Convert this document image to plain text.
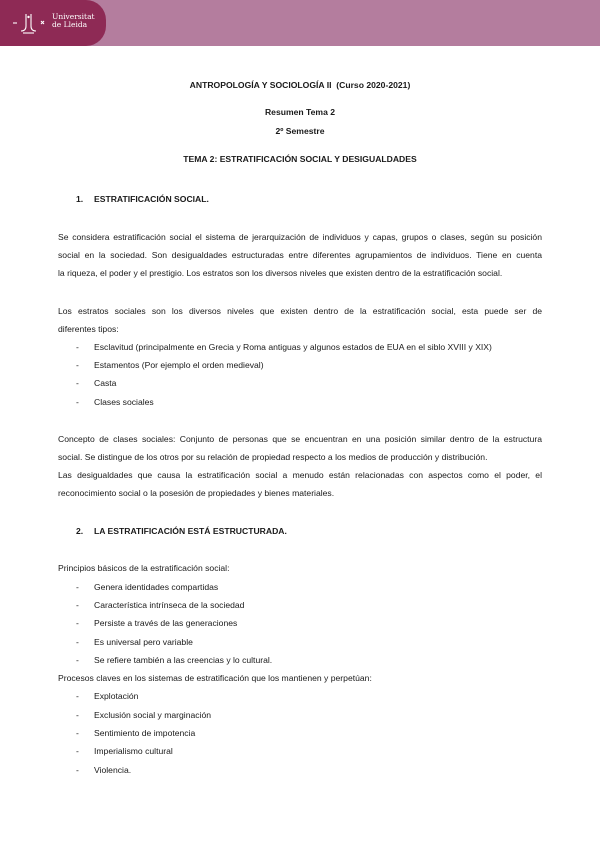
Universitat
de Lleida
ANTROPOLOGÍA Y SOCIOLOGÍA II (Curso 2020-2021)
Resumen Tema 2
2º Semestre
TEMA 2: ESTRATIFICACIÓN SOCIAL Y DESIGUALDADES
1. ESTRATIFICACIÓN SOCIAL.
Se considera estratificación social el sistema de jerarquización de individuos y capas, grupos o clases, según su posición
social en la sociedad. Son desigualdades estructuradas entre diferentes agrupamientos de individuos. Tiene en cuenta
la riqueza, el poder y el prestigio. Los estratos son los diversos niveles que existen dentro de la estratificación social.
Los estratos sociales son los diversos niveles que existen dentro de la estratificación social, esta puede ser de
diferentes tipos:
- Esclavitud (principalmente en Grecia y Roma antiguas y algunos estados de EUA en el siblo XVIII y XIX)
- Estamentos (Por ejemplo el orden medieval)
- Casta
- Clases sociales
Concepto de clases sociales: Conjunto de personas que se encuentran en una posición similar dentro de la estructura
social. Se distingue de los otros por su relación de propiedad respecto a los medios de producción y distribución.
Las desigualdades que causa la estratificación social a menudo están relacionadas con aspectos como el poder, el
reconocimiento social o la posesión de propiedades y bienes materiales.
2. LA ESTRATIFICACIÓN ESTÁ ESTRUCTURADA.
Principios básicos de la estratificación social:
- Genera identidades compartidas
- Característica intrínseca de la sociedad
- Persiste a través de las generaciones
- Es universal pero variable
- Se refiere también a las creencias y lo cultural.
Procesos claves en los sistemas de estratificación que los mantienen y perpetúan:
- Explotación
- Exclusión social y marginación
- Sentimiento de impotencia
- Imperialismo cultural
- Violencia.
